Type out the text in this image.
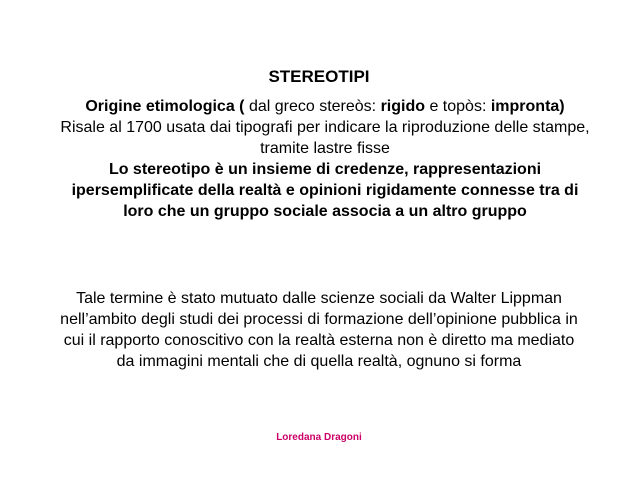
STEREOTIPI
Origine etimologica ( dal greco stereòs: rigido e topòs: impronta)
Risale al 1700 usata dai tipografi per indicare la riproduzione delle stampe,
tramite lastre fisse
Lo stereotipo è un insieme di credenze, rappresentazioni
ipersemplificate della realtà e opinioni rigidamente connesse tra di
loro che un gruppo sociale associa a un altro gruppo
Tale termine è stato mutuato dalle scienze sociali da Walter Lippman
nell’ambito degli studi dei processi di formazione dell’opinione pubblica in
cui il rapporto conoscitivo con la realtà esterna non è diretto ma mediato
da immagini mentali che di quella realtà, ognuno si forma
Loredana Dragoni
